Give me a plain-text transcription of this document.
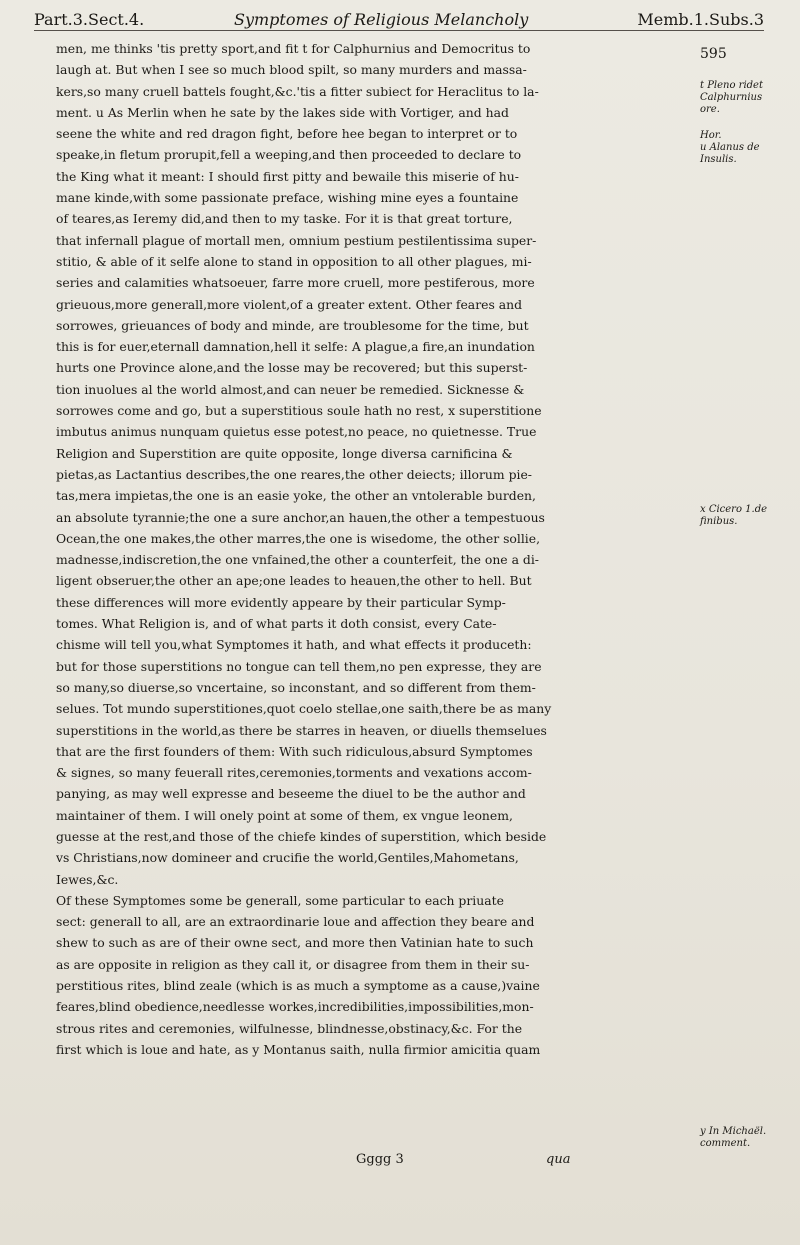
Part.3.Sect.4.	Symptomes of Religious Melancholy	Memb.1.Subs.3
595
men, me thinks 'tis pretty sport,and fit t for Calphurnius and Democritus to
laugh at. But when I see so much blood spilt, so many murders and massa-
kers,so many cruell battels fought,&c.'tis a fitter subiect for Heraclitus to la-
ment. u As Merlin when he sate by the lakes side with Vortiger, and had
seene the white and red dragon fight, before hee began to interpret or to
speake,in fletum prorupit,fell a weeping,and then proceeded to declare to
the King what it meant: I should first pitty and bewaile this miserie of hu-
mane kinde,with some passionate preface, wishing mine eyes a fountaine
of teares,as Ieremy did,and then to my taske. For it is that great torture,
that infernall plague of mortall men, omnium pestium pestilentissima super-
stitio, & able of it selfe alone to stand in opposition to all other plagues, mi-
series and calamities whatsoeuer, farre more cruell, more pestiferous, more
grieuous,more generall,more violent,of a greater extent. Other feares and
sorrowes, grieuances of body and minde, are troublesome for the time, but
this is for euer,eternall damnation,hell it selfe: A plague,a fire,an inundation
hurts one Province alone,and the losse may be recovered; but this superst-
tion inuolues al the world almost,and can neuer be remedied. Sicknesse &
sorrowes come and go, but a superstitious soule hath no rest, x superstitione
imbutus animus nunquam quietus esse potest,no peace, no quietnesse. True
Religion and Superstition are quite opposite, longe diversa carnificina &
pietas,as Lactantius describes,the one reares,the other deiects; illorum pie-
tas,mera impietas,the one is an easie yoke, the other an vntolerable burden,
an absolute tyrannie;the one a sure anchor,an hauen,the other a tempestuous
Ocean,the one makes,the other marres,the one is wisedome, the other sollie,
madnesse,indiscretion,the one vnfained,the other a counterfeit, the one a di-
ligent obseruer,the other an ape;one leades to heauen,the other to hell. But
these differences will more evidently appeare by their particular Symp-
tomes. What Religion is, and of what parts it doth consist, every Cate-
chisme will tell you,what Symptomes it hath, and what effects it produceth:
but for those superstitions no tongue can tell them,no pen expresse, they are
so many,so diuerse,so vncertaine, so inconstant, and so different from them-
selues. Tot mundo superstitiones,quot coelo stellae,one saith,there be as many
superstitions in the world,as there be starres in heaven, or diuells themselues
that are the first founders of them: With such ridiculous,absurd Symptomes
& signes, so many feuerall rites,ceremonies,torments and vexations accom-
panying, as may well expresse and beseeme the diuel to be the author and
maintainer of them. I will onely point at some of them, ex vngue leonem,
guesse at the rest,and those of the chiefe kindes of superstition, which beside
vs Christians,now domineer and crucifie the world,Gentiles,Mahometans,
Iewes,&c.
Of these Symptomes some be generall, some particular to each priuate
sect: generall to all, are an extraordinarie loue and affection they beare and
shew to such as are of their owne sect, and more then Vatinian hate to such
as are opposite in religion as they call it, or disagree from them in their su-
perstitious rites, blind zeale (which is as much a symptome as a cause,)vaine
feares,blind obedience,needlesse workes,incredibilities,impossibilities,mon-
strous rites and ceremonies, wilfulnesse, blindnesse,obstinacy,&c. For the
first which is loue and hate, as y Montanus saith, nulla firmior amicitia quam
t Pleno ridet
Calphurnius ore.
Hor.
u Alanus de
Insulis.
x Cicero 1.de
finibus.
y In Michaël.
comment.
Gggg 3	qua
